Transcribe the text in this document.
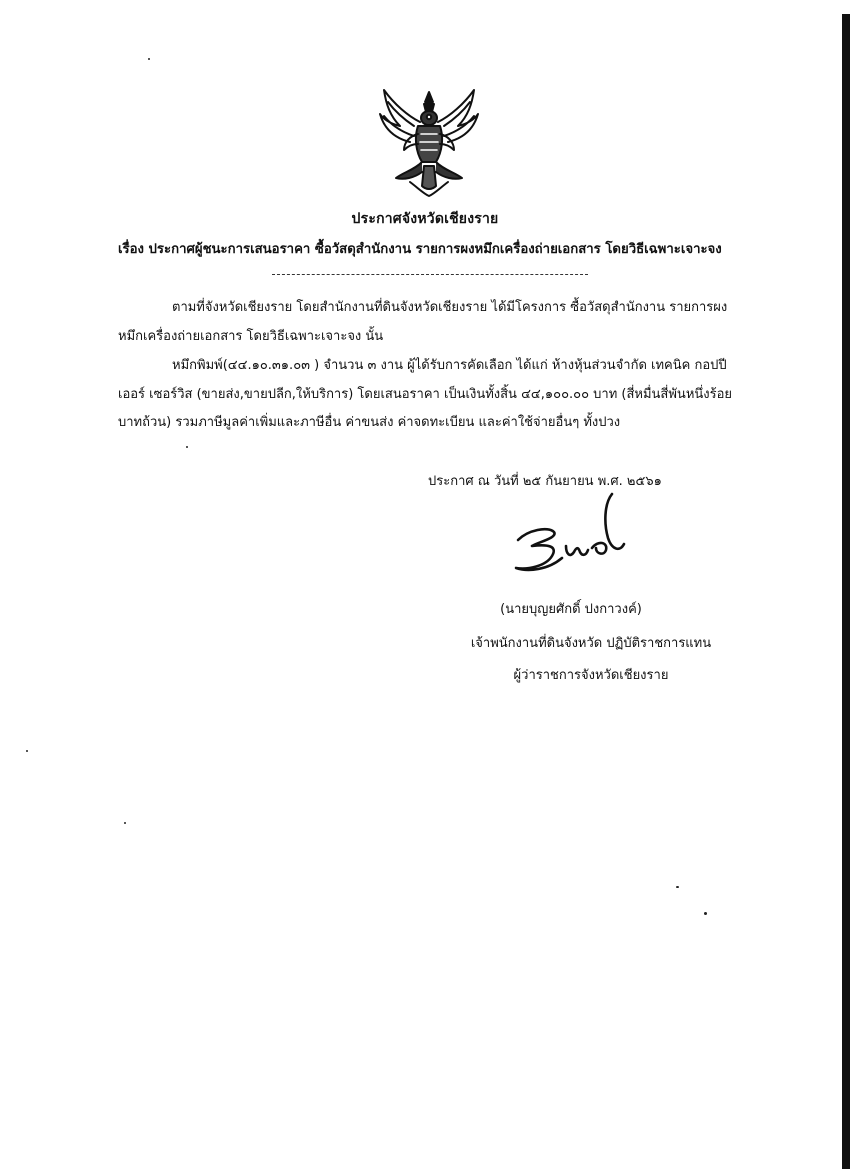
ประกาศจังหวัดเชียงราย
เรื่อง ประกาศผู้ชนะการเสนอราคา ซื้อวัสดุสำนักงาน รายการผงหมึกเครื่องถ่ายเอกสาร โดยวิธีเฉพาะเจาะจง
ตามที่จังหวัดเชียงราย โดยสำนักงานที่ดินจังหวัดเชียงราย ได้มีโครงการ ซื้อวัสดุสำนักงาน รายการผง
หมึกเครื่องถ่ายเอกสาร โดยวิธีเฉพาะเจาะจง นั้น
หมึกพิมพ์(๔๔.๑๐.๓๑.๐๓ ) จำนวน ๓ งาน ผู้ได้รับการคัดเลือก ได้แก่ ห้างหุ้นส่วนจำกัด เทคนิค กอปปี
เออร์ เซอร์วิส (ขายส่ง,ขายปลีก,ให้บริการ) โดยเสนอราคา เป็นเงินทั้งสิ้น ๔๔,๑๐๐.๐๐ บาท (สี่หมื่นสี่พันหนึ่งร้อย
บาทถ้วน) รวมภาษีมูลค่าเพิ่มและภาษีอื่น ค่าขนส่ง ค่าจดทะเบียน และค่าใช้จ่ายอื่นๆ ทั้งปวง
ประกาศ ณ วันที่ ๒๕ กันยายน พ.ศ. ๒๕๖๑
(นายบุญยศักดิ์ ปงกาวงค์)
เจ้าพนักงานที่ดินจังหวัด ปฏิบัติราชการแทน
ผู้ว่าราชการจังหวัดเชียงราย
